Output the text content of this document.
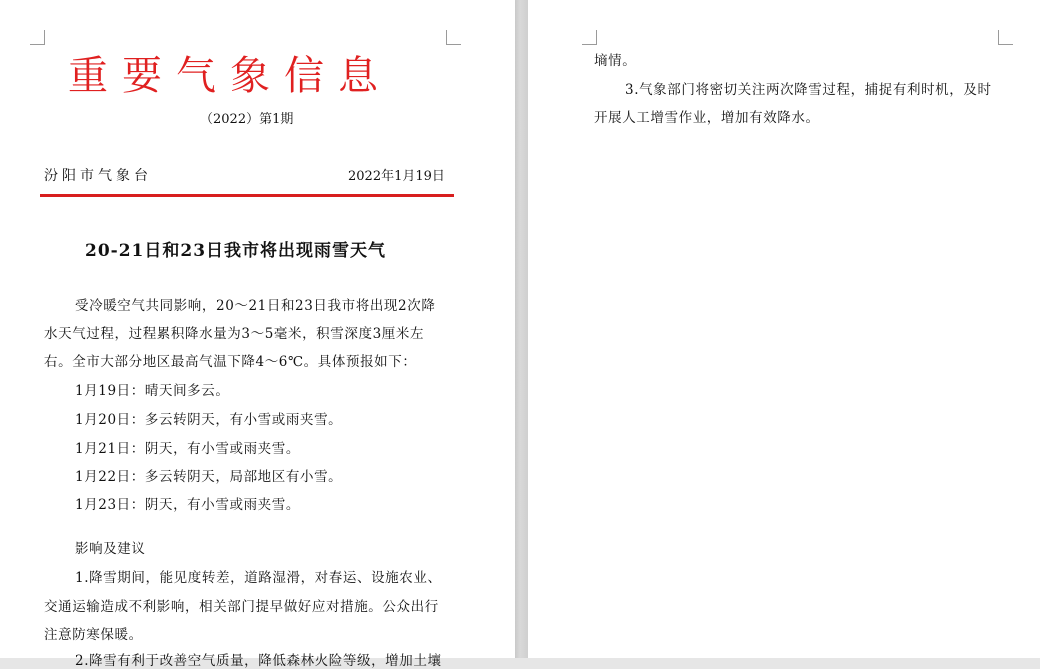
重要气象信息
（2022）第1期
汾阳市气象台	2022年1月19日
20-21日和23日我市将出现雨雪天气
受冷暖空气共同影响，20～21日和23日我市将出现2次降
水天气过程，过程累积降水量为3～5毫米，积雪深度3厘米左
右。全市大部分地区最高气温下降4～6℃。具体预报如下：
1月19日：晴天间多云。
1月20日：多云转阴天，有小雪或雨夹雪。
1月21日：阴天，有小雪或雨夹雪。
1月22日：多云转阴天，局部地区有小雪。
1月23日：阴天，有小雪或雨夹雪。
影响及建议
1.降雪期间，能见度转差，道路湿滑，对春运、设施农业、
交通运输造成不利影响，相关部门提早做好应对措施。公众出行
注意防寒保暖。
2.降雪有利于改善空气质量，降低森林火险等级，增加土壤
墒情。
3.气象部门将密切关注两次降雪过程，捕捉有利时机，及时
开展人工增雪作业，增加有效降水。
